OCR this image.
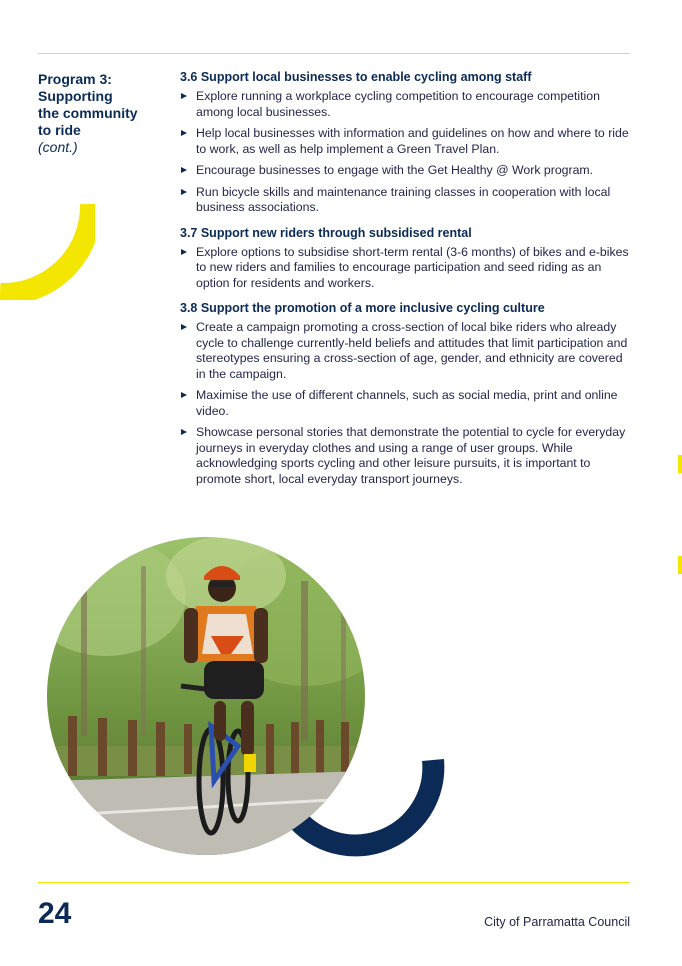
Program 3:
Supporting
the community
to ride
(cont.)
3.6 Support local businesses to enable cycling among staff
Explore running a workplace cycling competition to encourage competition among local businesses.
Help local businesses with information and guidelines on how and where to ride to work, as well as help implement a Green Travel Plan.
Encourage businesses to engage with the Get Healthy @ Work program.
Run bicycle skills and maintenance training classes in cooperation with local business associations.
3.7 Support new riders through subsidised rental
Explore options to subsidise short-term rental (3-6 months) of bikes and e-bikes to new riders and families to encourage participation and seed riding as an option for residents and workers.
3.8 Support the promotion of a more inclusive cycling culture
Create a campaign promoting a cross-section of local bike riders who already cycle to challenge currently-held beliefs and attitudes that limit participation and stereotypes ensuring a cross-section of age, gender, and ethnicity are covered in the campaign.
Maximise the use of different channels, such as social media, print and online video.
Showcase personal stories that demonstrate the potential to cycle for everyday journeys in everyday clothes and using a range of user groups. While acknowledging sports cycling and other leisure pursuits, it is important to promote short, local everyday transport journeys.
24	City of Parramatta Council
